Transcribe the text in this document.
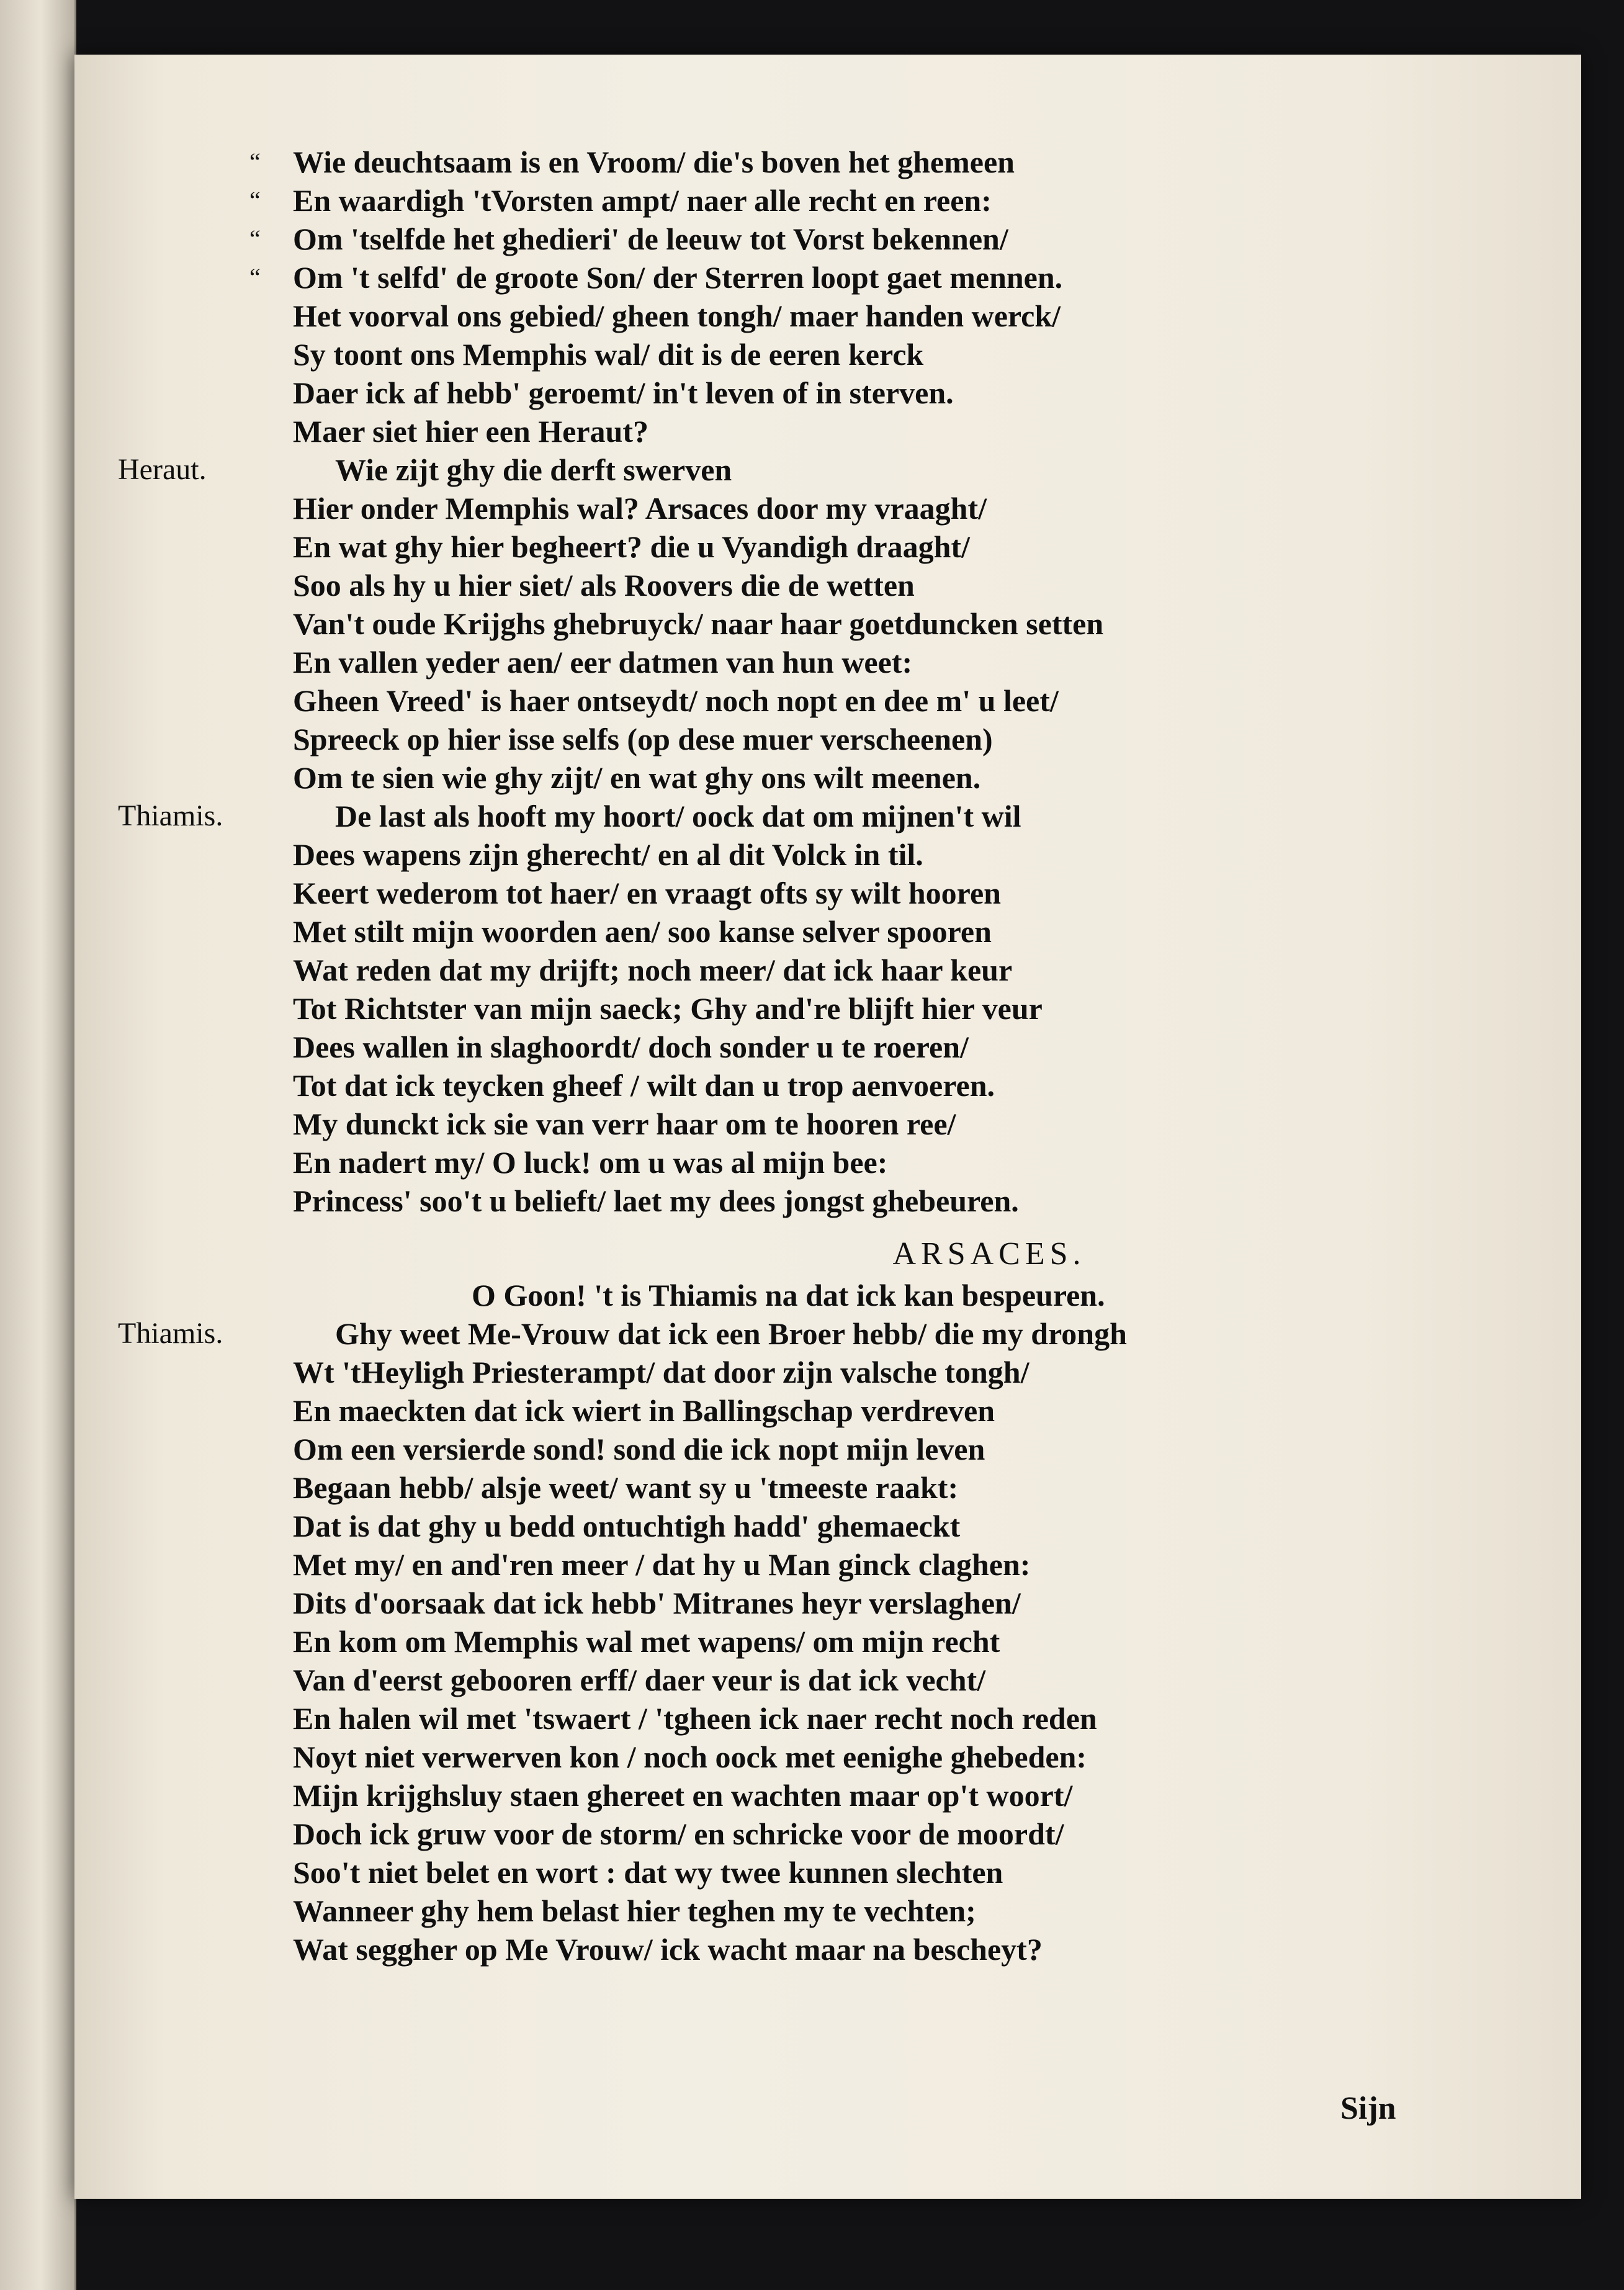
“ Wie deuchtsaam is en Vroom/ die's boven het ghemeen
“ En waardigh 'tVorsten ampt/ naer alle recht en reen:
“ Om 'tselfde het ghedieri' de leeuw tot Vorst bekennen/
“ Om 't selfd' de groote Son/ der Sterren loopt gaet mennen.
Het voorval ons gebied/ gheen tongh/ maer handen werck/
Sy toont ons Memphis wal/ dit is de eeren kerck
Daer ick af hebb' geroemt/ in't leven of in sterven.
Maer siet hier een Heraut?
Heraut.	Wie zijt ghy die derft swerven
Hier onder Memphis wal? Arsaces door my vraaght/
En wat ghy hier begheert? die u Vyandigh draaght/
Soo als hy u hier siet/ als Roovers die de wetten
Van't oude Krijghs ghebruyck/ naar haar goetduncken setten
En vallen yeder aen/ eer datmen van hun weet:
Gheen Vreed' is haer ontseydt/ noch nopt en dee m' u leet/
Spreeck op hier isse selfs (op dese muer verscheenen)
Om te sien wie ghy zijt/ en wat ghy ons wilt meenen.
Thiamis.	De last als hooft my hoort/ oock dat om mijnen't wil
Dees wapens zijn gherecht/ en al dit Volck in til.
Keert wederom tot haer/ en vraagt ofts sy wilt hooren
Met stilt mijn woorden aen/ soo kanse selver spooren
Wat reden dat my drijft; noch meer/ dat ick haar keur
Tot Richtster van mijn saeck; Ghy and're blijft hier veur
Dees wallen in slaghoordt/ doch sonder u te roeren/
Tot dat ick teycken gheef / wilt dan u trop aenvoeren.
My dunckt ick sie van verr haar om te hooren ree/
En nadert my/ O luck! om u was al mijn bee:
Princess' soo't u belieft/ laet my dees jongst ghebeuren.
ARSACES.
O Goon! 't is Thiamis na dat ick kan bespeuren.
Thiamis.	Ghy weet Me-Vrouw dat ick een Broer hebb/ die my drongh
Wt 'tHeyligh Priesterampt/ dat door zijn valsche tongh/
En maeckten dat ick wiert in Ballingschap verdreven
Om een versierde sond! sond die ick nopt mijn leven
Begaan hebb/ alsje weet/ want sy u 'tmeeste raakt:
Dat is dat ghy u bedd ontuchtigh hadd' ghemaeckt
Met my/ en and'ren meer / dat hy u Man ginck claghen:
Dits d'oorsaak dat ick hebb' Mitranes heyr verslaghen/
En kom om Memphis wal met wapens/ om mijn recht
Van d'eerst gebooren erff/ daer veur is dat ick vecht/
En halen wil met 'tswaert / 'tgheen ick naer recht noch reden
Noyt niet verwerven kon / noch oock met eenighe ghebeden:
Mijn krijghsluy staen ghereet en wachten maar op't woort/
Doch ick gruw voor de storm/ en schricke voor de moordt/
Soo't niet belet en wort : dat wy twee kunnen slechten
Wanneer ghy hem belast hier teghen my te vechten;
Wat seggher op Me Vrouw/ ick wacht maar na bescheyt?
Sijn
